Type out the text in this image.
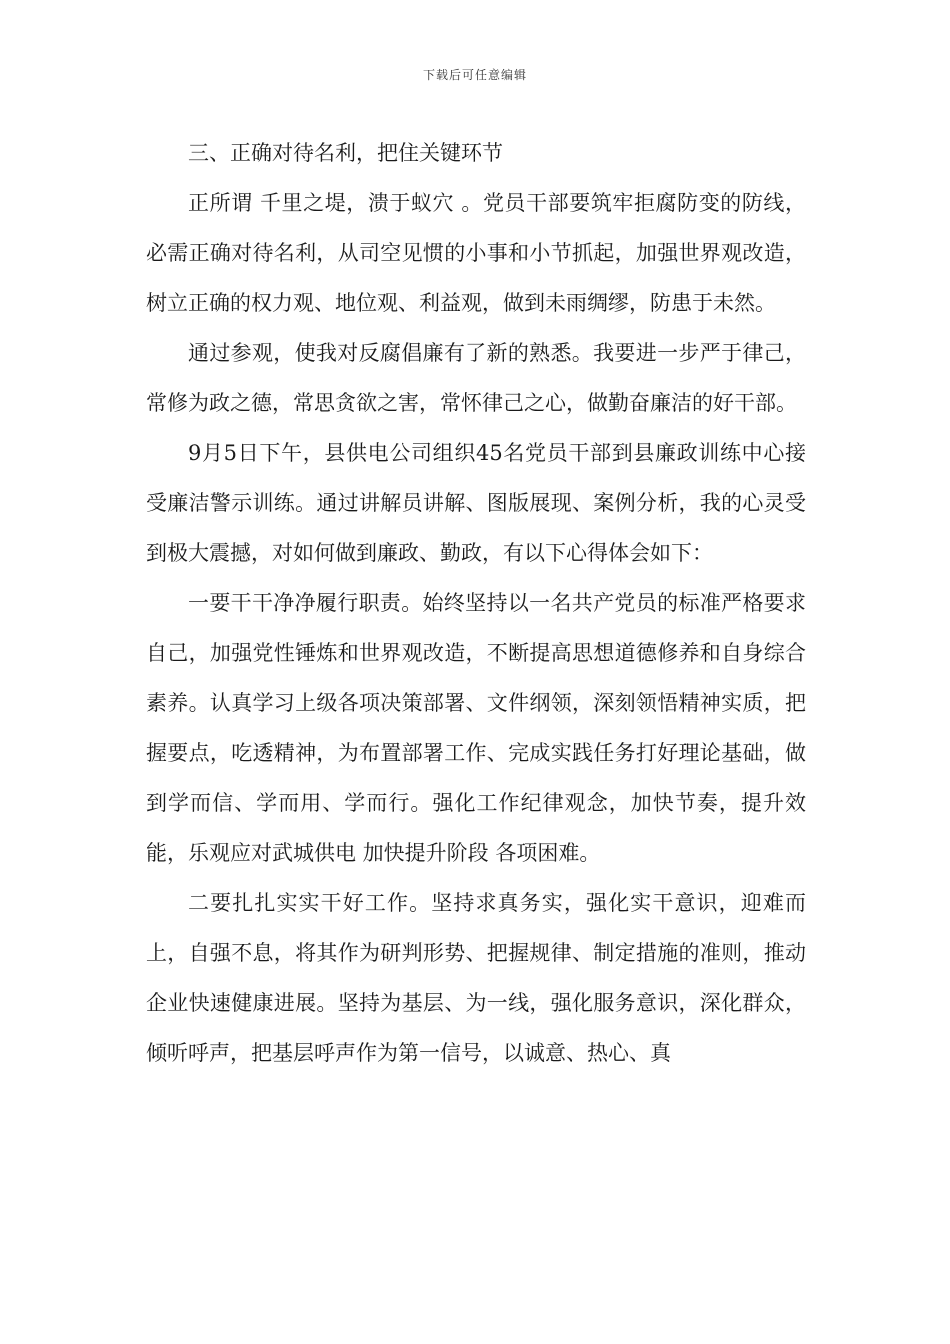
下载后可任意编辑

三、正确对待名利，把住关键环节

正所谓 千里之堤，溃于蚁穴 。党员干部要筑牢拒腐防变的防线，必需正确对待名利，从司空见惯的小事和小节抓起，加强世界观改造，树立正确的权力观、地位观、利益观，做到未雨绸缪，防患于未然。

通过参观，使我对反腐倡廉有了新的熟悉。我要进一步严于律己，常修为政之德，常思贪欲之害，常怀律己之心，做勤奋廉洁的好干部。

9月5日下午，县供电公司组织45名党员干部到县廉政训练中心接受廉洁警示训练。通过讲解员讲解、图版展现、案例分析，我的心灵受到极大震撼，对如何做到廉政、勤政，有以下心得体会如下：

一要干干净净履行职责。始终坚持以一名共产党员的标准严格要求自己，加强党性锤炼和世界观改造，不断提高思想道德修养和自身综合素养。认真学习上级各项决策部署、文件纲领，深刻领悟精神实质，把握要点，吃透精神，为布置部署工作、完成实践任务打好理论基础，做到学而信、学而用、学而行。强化工作纪律观念，加快节奏，提升效能，乐观应对武城供电 加快提升阶段 各项困难。

二要扎扎实实干好工作。坚持求真务实，强化实干意识，迎难而上，自强不息，将其作为研判形势、把握规律、制定措施的准则，推动企业快速健康进展。坚持为基层、为一线，强化服务意识，深化群众，倾听呼声，把基层呼声作为第一信号，以诚意、热心、真
